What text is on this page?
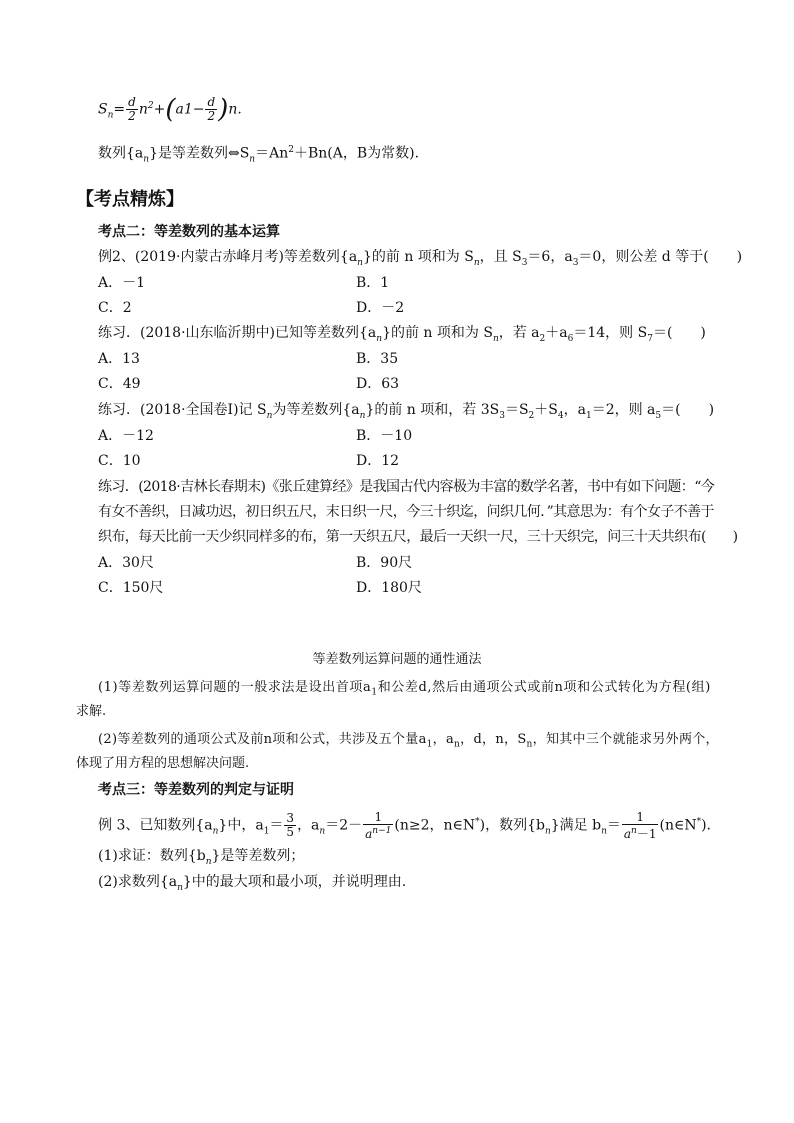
$S_n= \frac{d}{2} n^2+(a1- \frac{d}{2} )n$.
数列$\{a_n\}$是等差数列$\Leftrightarrow S_n=An^2+Bn(A$，B为常数).
【考点精炼】
考点二：等差数列的基本运算
例2、(2019·内蒙古赤峰月考)等差数列$\{a_n\}$的前 n 项和为 $S_n$，且 $S_3=6$，$a_3=0$，则公差 d 等于(　　)
A．－1	B．1
C．2	D．－2
练习．(2018·山东临沂期中)已知等差数列$\{a_n\}$的前 n 项和为 $S_n$，若 $a_2+a_6=14$，则 $S_7=$(　　)
A．13	B．35
C．49	D．63
练习．(2018·全国卷Ⅰ)记 $S_n$为等差数列$\{a_n\}$的前 n 项和，若 $3S_3=S_2+S_4$，$a_1=2$，则 $a_5=$(　　)
A．－12	B．－10
C．10	D．12
练习．(2018·吉林长春期末)《张丘建算经》是我国古代内容极为丰富的数学名著，书中有如下问题：“今
有女不善织，日减功迟，初日织五尺，末日织一尺，今三十织迄，问织几何．”其意思为：有个女子不善于
织布，每天比前一天少织同样多的布，第一天织五尺，最后一天织一尺，三十天织完，问三十天共织布(　　)
A．30尺	B．90尺
C．150尺	D．180尺
等差数列运算问题的通性通法
(1)等差数列运算问题的一般求法是设出首项$a_1$和公差d,然后由通项公式或前n项和公式转化为方程(组)
求解.
(2)等差数列的通项公式及前n项和公式，共涉及五个量$a_1$，$a_n$，d，n，$S_n$，知其中三个就能求另外两个，
体现了用方程的思想解决问题.
考点三：等差数列的判定与证明
例 3、已知数列$\{a_n\}$中，$a_1= \frac{3}{5}$ ，$a_n=2- \frac{1}{a^{n-1}} (n\ge 2$，n∈N*)，数列$\{b_n\}$满足 $b_n= \frac{1}{a^n-1}$ (n∈N*).
(1)求证：数列$\{b_n\}$是等差数列；
(2)求数列$\{a_n\}$中的最大项和最小项，并说明理由.
